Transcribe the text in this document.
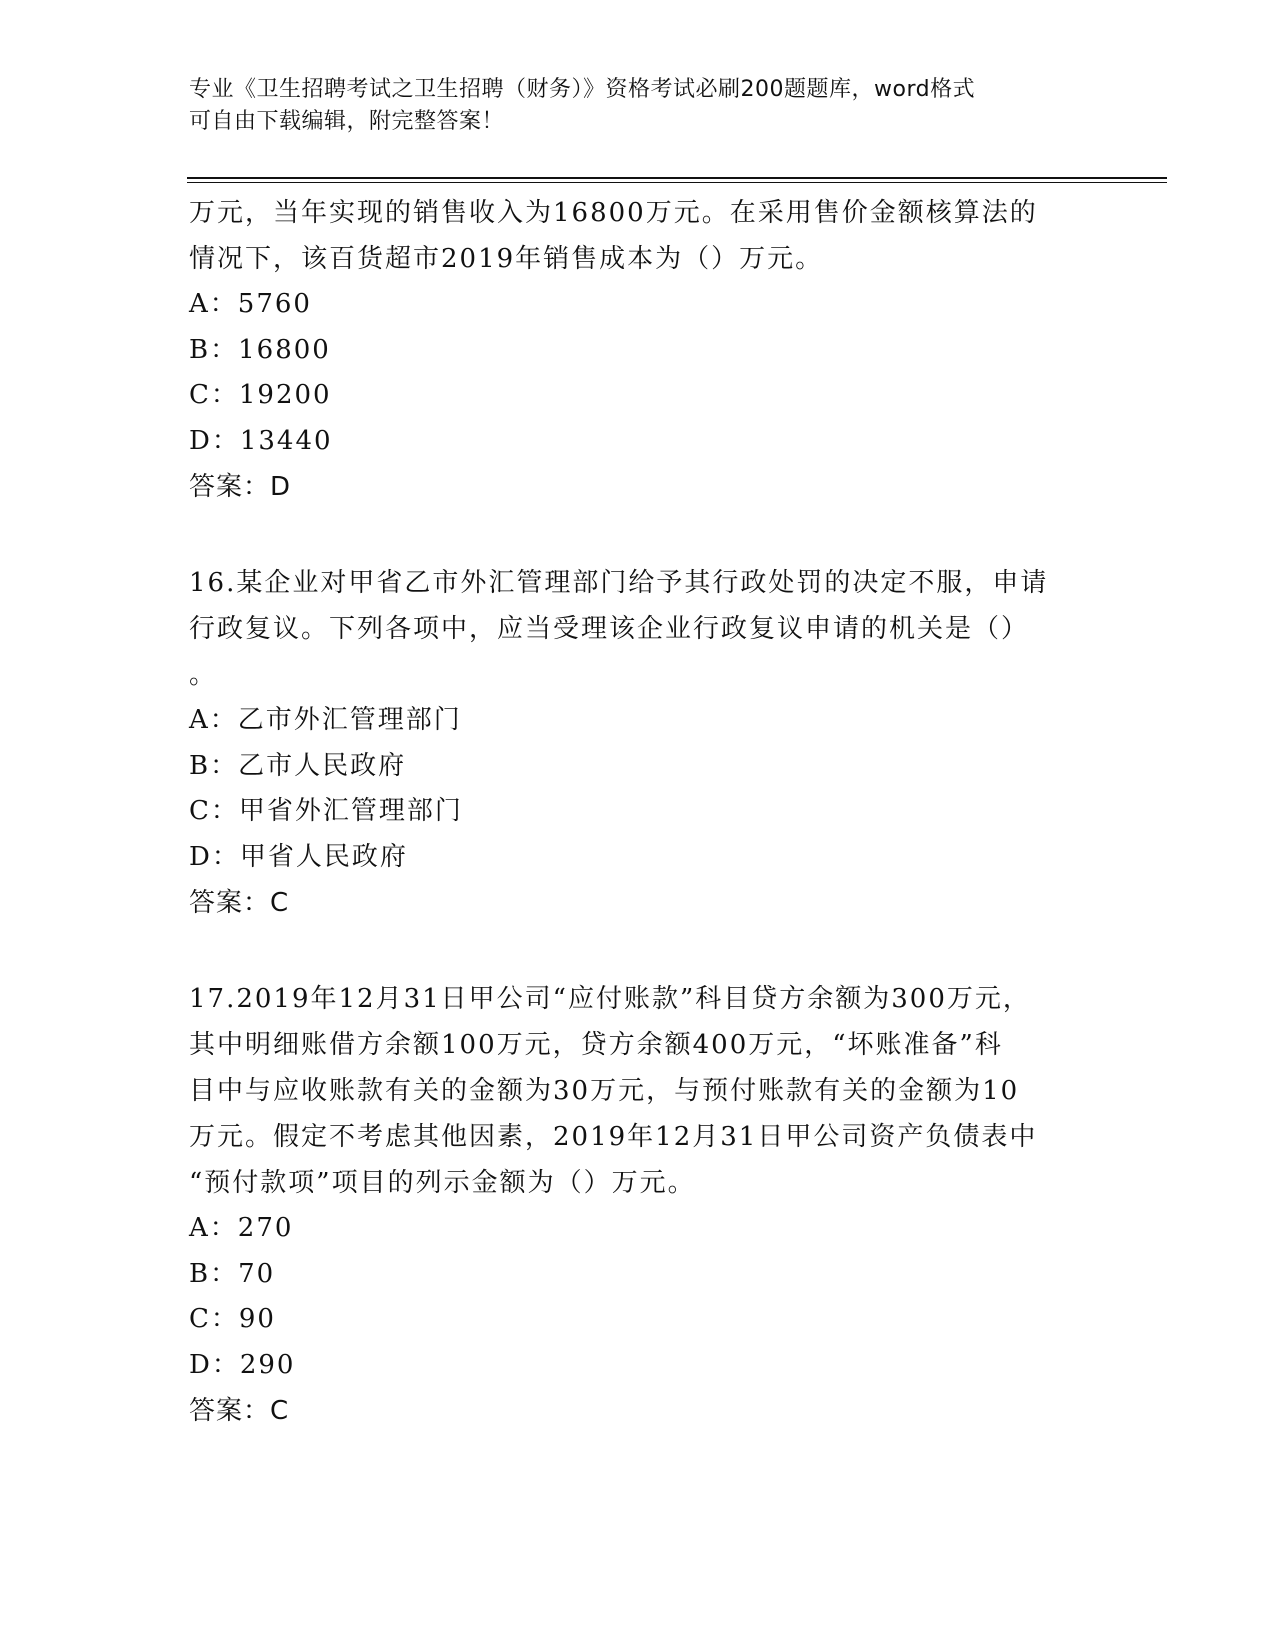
专业《卫生招聘考试之卫生招聘（财务）》资格考试必刷200题题库，word格式
可自由下载编辑，附完整答案！
万元，当年实现的销售收入为16800万元。在采用售价金额核算法的
情况下，该百货超市2019年销售成本为（）万元。
A：5760
B：16800
C：19200
D：13440
答案：D
16.某企业对甲省乙市外汇管理部门给予其行政处罚的决定不服，申请
行政复议。下列各项中，应当受理该企业行政复议申请的机关是（）
。
A：乙市外汇管理部门
B：乙市人民政府
C：甲省外汇管理部门
D：甲省人民政府
答案：C
17.2019年12月31日甲公司“应付账款”科目贷方余额为300万元，
其中明细账借方余额100万元，贷方余额400万元，“坏账准备”科
目中与应收账款有关的金额为30万元，与预付账款有关的金额为10
万元。假定不考虑其他因素，2019年12月31日甲公司资产负债表中
“预付款项”项目的列示金额为（）万元。
A：270
B：70
C：90
D：290
答案：C
